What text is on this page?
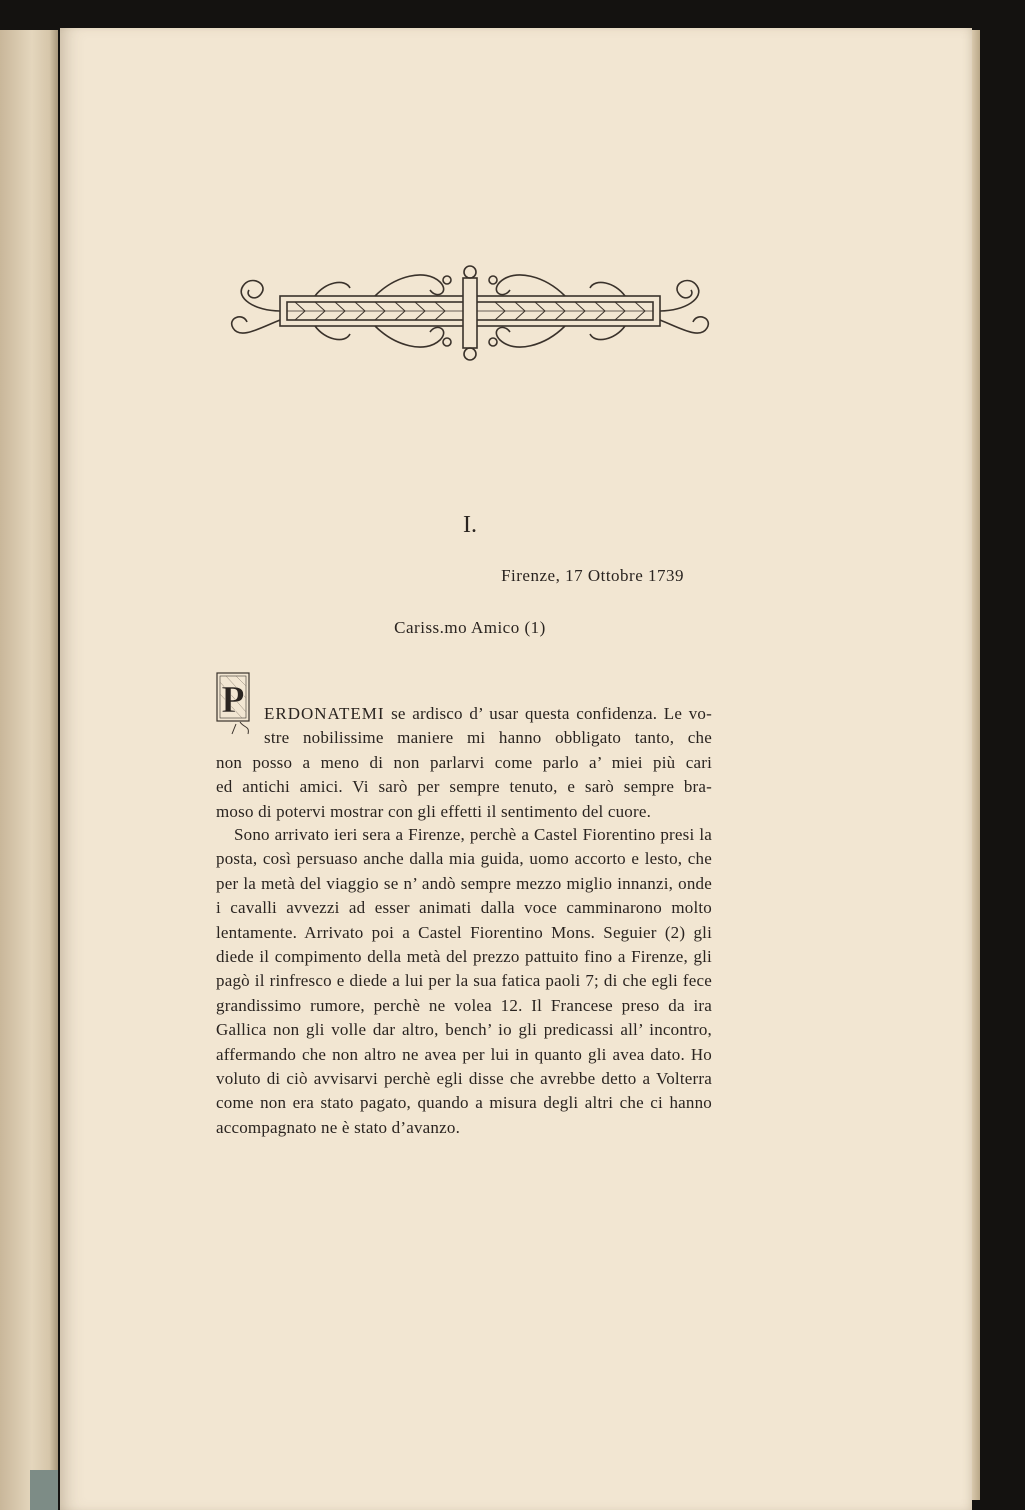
I.
Firenze, 17 Ottobre 1739
Cariss.mo Amico (1)
P	ERDONATEMI se ardisco d’ usar questa confidenza. Le vo-
stre nobilissime maniere mi hanno obbligato tanto, che
non posso a meno di non parlarvi come parlo a’ miei più cari
ed antichi amici. Vi sarò per sempre tenuto, e sarò sempre bra-
moso di potervi mostrar con gli effetti il sentimento del cuore.
Sono arrivato ieri sera a Firenze, perchè a Castel Fiorentino presi la posta, così persuaso anche dalla mia guida, uomo accorto e lesto, che per la metà del viaggio se n’ andò sempre mezzo miglio innanzi, onde i cavalli avvezzi ad esser animati dalla voce camminarono molto lentamente. Arrivato poi a Castel Fiorentino Mons. Seguier (2) gli diede il compimento della metà del prezzo pattuito fino a Firenze, gli pagò il rinfresco e diede a lui per la sua fatica paoli 7; di che egli fece grandissimo rumore, perchè ne volea 12. Il Francese preso da ira Gallica non gli volle dar altro, bench’ io gli predicassi all’ incontro, affermando che non altro ne avea per lui in quanto gli avea dato. Ho voluto di ciò avvisarvi perchè egli disse che avrebbe detto a Volterra come non era stato pagato, quando a misura degli altri che ci hanno accompagnato ne è stato d’avanzo.
